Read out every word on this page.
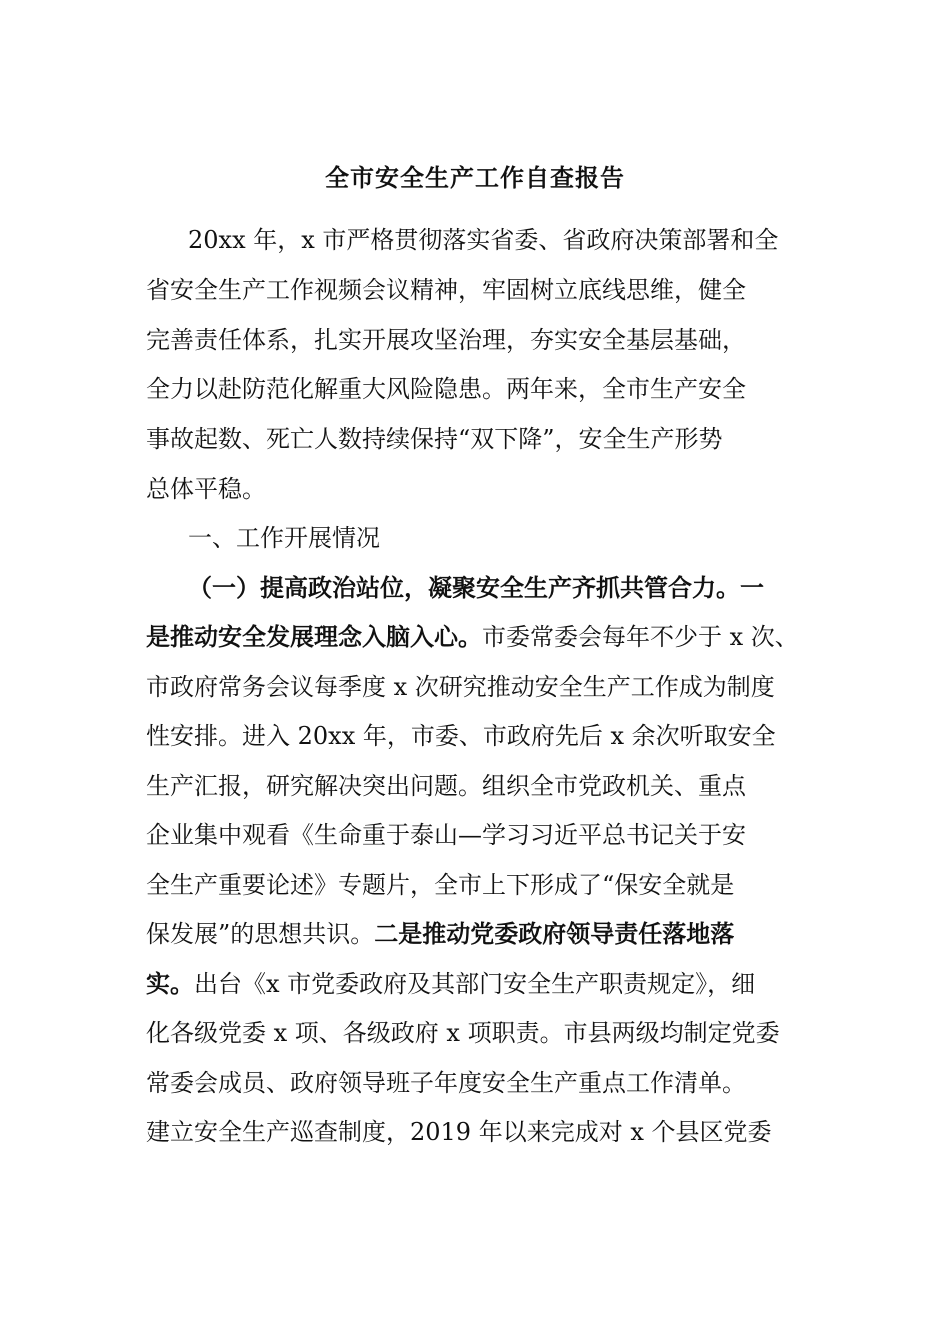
全市安全生产工作自查报告
20xx 年，x 市严格贯彻落实省委、省政府决策部署和全
省安全生产工作视频会议精神，牢固树立底线思维，健全
完善责任体系，扎实开展攻坚治理，夯实安全基层基础，
全力以赴防范化解重大风险隐患。两年来，全市生产安全
事故起数、死亡人数持续保持“双下降”，安全生产形势
总体平稳。
一、工作开展情况
（一）提高政治站位，凝聚安全生产齐抓共管合力。一
是推动安全发展理念入脑入心。市委常委会每年不少于 x 次、
市政府常务会议每季度 x 次研究推动安全生产工作成为制度
性安排。进入 20xx 年，市委、市政府先后 x 余次听取安全
生产汇报，研究解决突出问题。组织全市党政机关、重点
企业集中观看《生命重于泰山—学习习近平总书记关于安
全生产重要论述》专题片，全市上下形成了“保安全就是
保发展”的思想共识。二是推动党委政府领导责任落地落
实。出台《x 市党委政府及其部门安全生产职责规定》，细
化各级党委 x 项、各级政府 x 项职责。市县两级均制定党委
常委会成员、政府领导班子年度安全生产重点工作清单。
建立安全生产巡查制度，2019 年以来完成对 x 个县区党委
